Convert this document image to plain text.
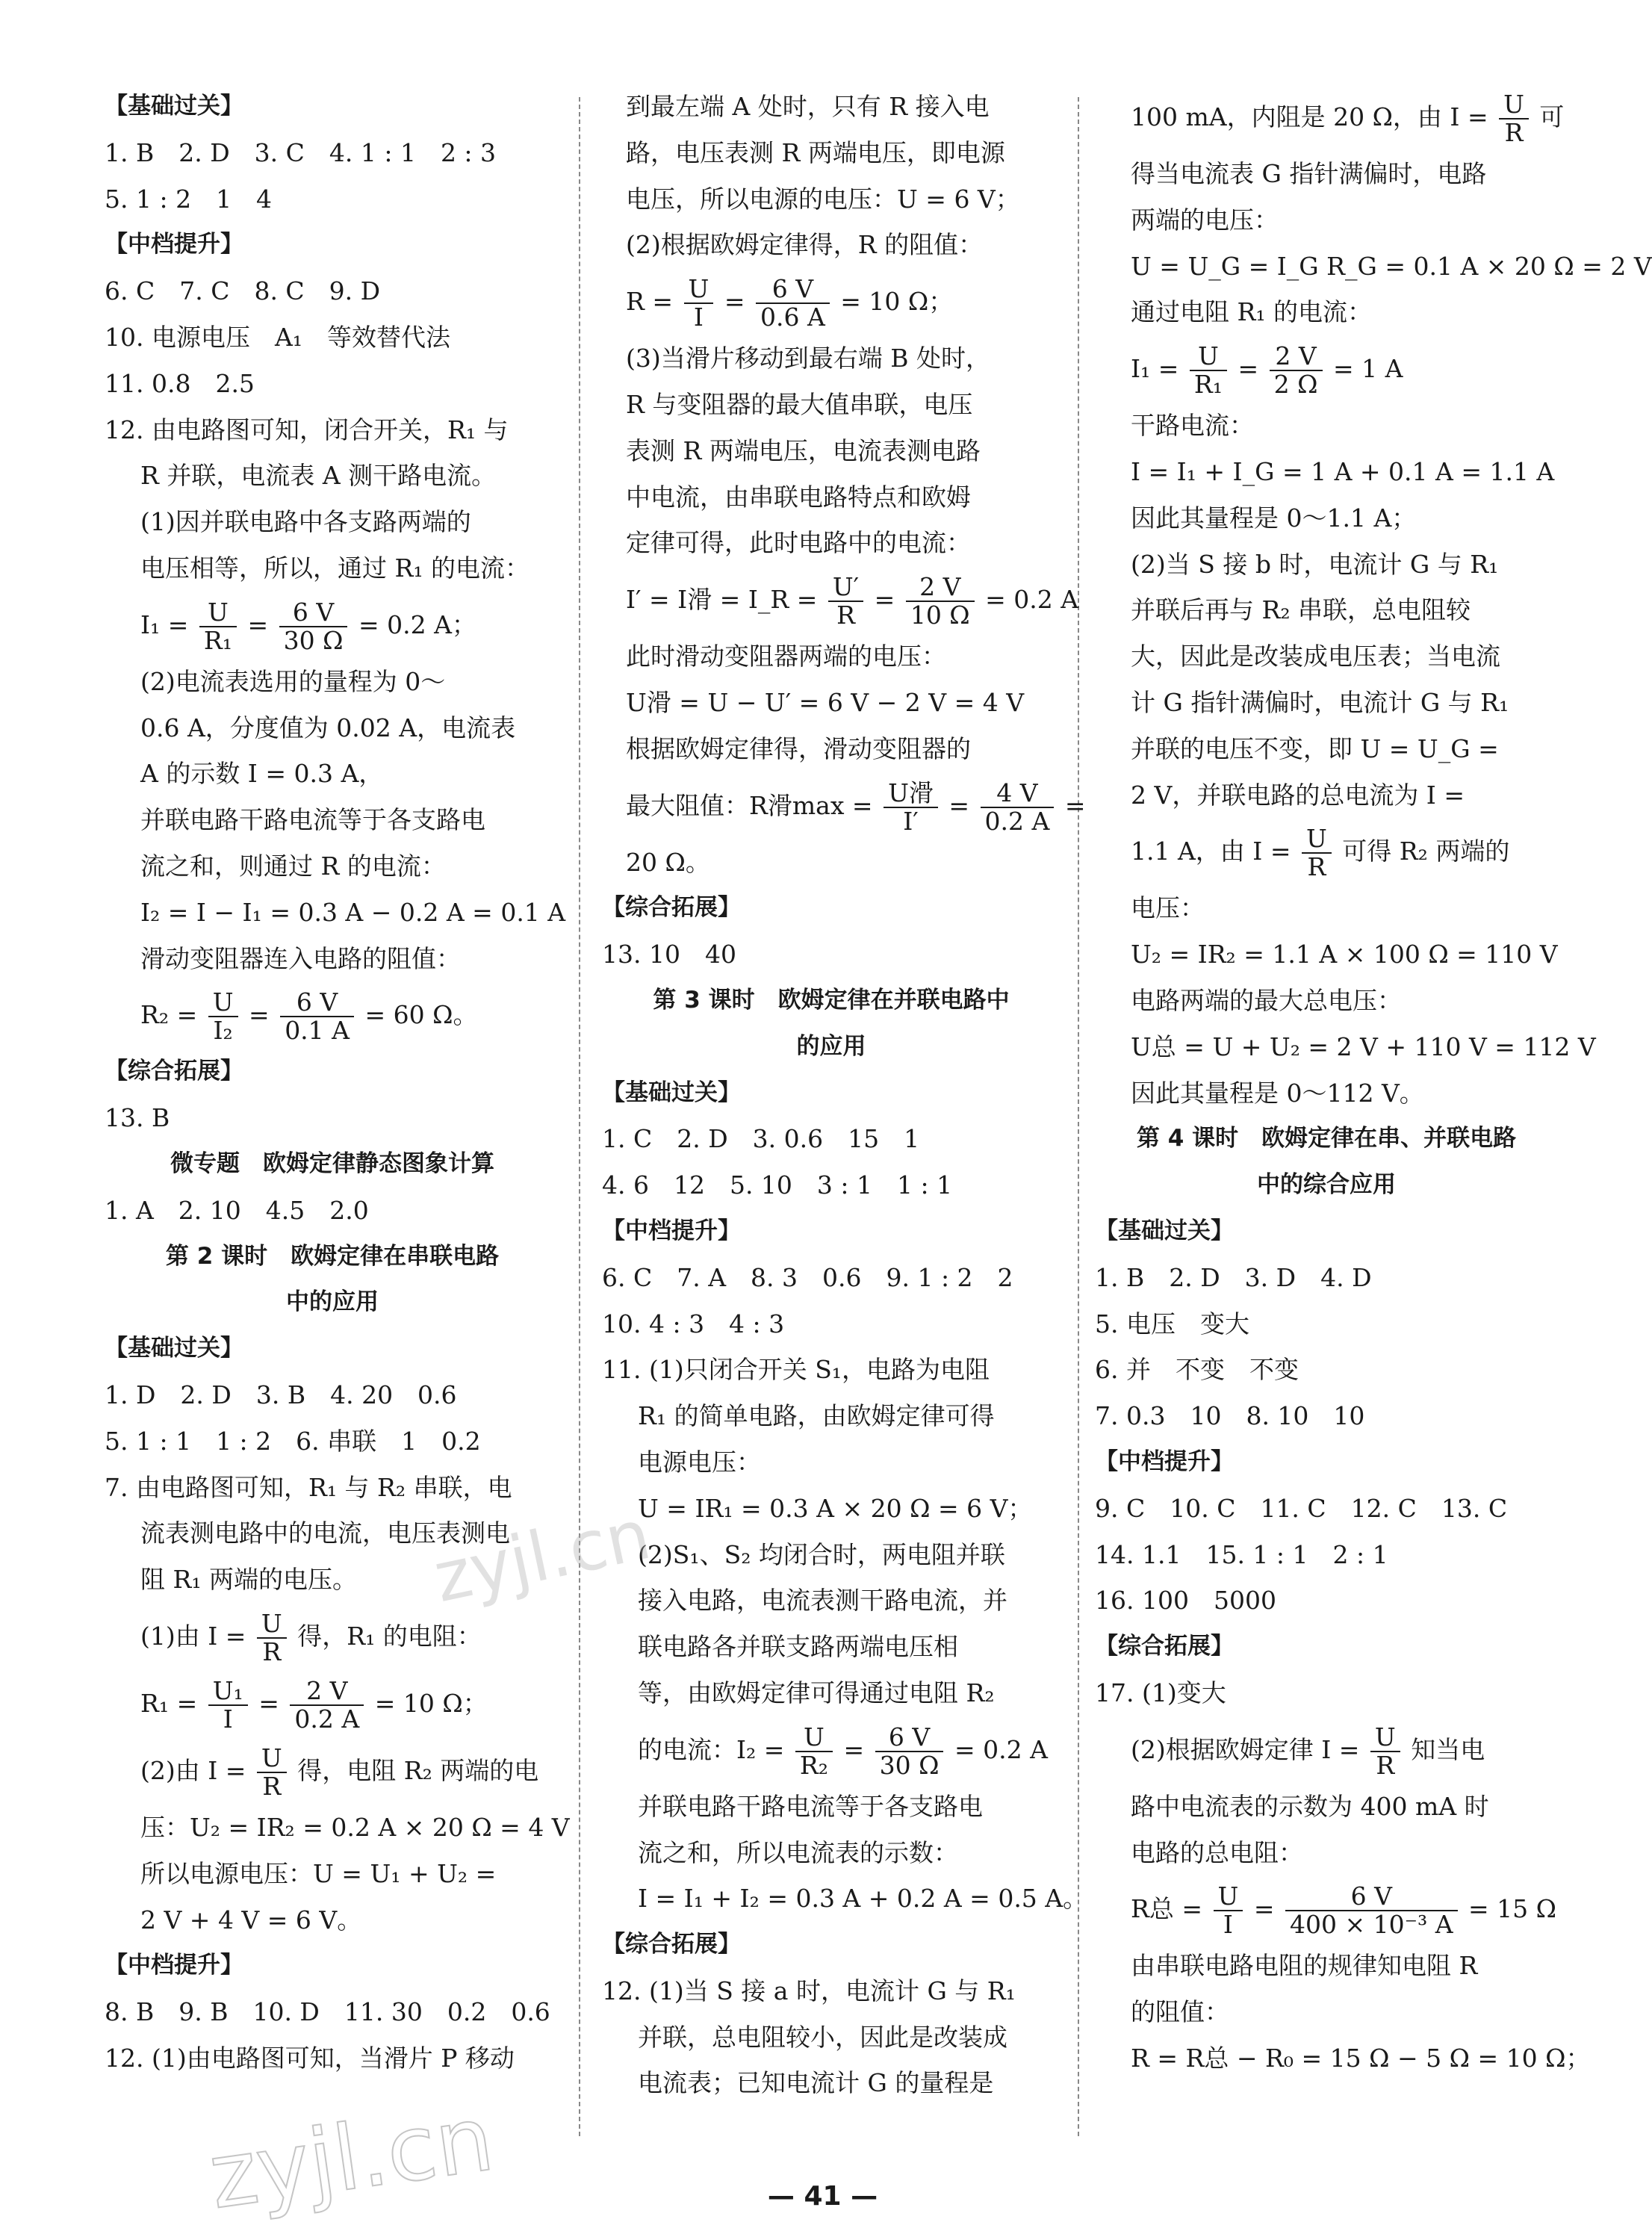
【基础过关】
1. B　2. D　3. C　4. 1 : 1　2 : 3
5. 1 : 2　1　4
【中档提升】
6. C　7. C　8. C　9. D
10. 电源电压　A₁　等效替代法
11. 0.8　2.5
12. 由电路图可知，闭合开关，R₁ 与
R 并联，电流表 A 测干路电流。
(1)因并联电路中各支路两端的
电压相等，所以，通过 R₁ 的电流：
$I_1 = \frac{U}{\text{R₁}} = \frac{6 V}{30 \Omega} = 0.2$ A；
(2)电流表选用的量程为 0～
0.6 A，分度值为 0.02 A，电流表
A 的示数 I = 0.3 A，
并联电路干路电流等于各支路电
流之和，则通过 R 的电流：
I₂ = I − I₁ = 0.3 A − 0.2 A = 0.1 A
滑动变阻器连入电路的阻值：
$R_2 = \frac{U}{\text{I₂}} = \frac{6 V}{0.1 A} = 60$ Ω。
【综合拓展】
13. B
微专题　欧姆定律静态图象计算
1. A　2. 10　4.5　2.0
第 2 课时　欧姆定律在串联电路
中的应用
【基础过关】
1. D　2. D　3. B　4. 20　0.6
5. 1 : 1　1 : 2　6. 串联　1　0.2
7. 由电路图可知，R₁ 与 R₂ 串联，电
流表测电路中的电流，电压表测电
阻 R₁ 两端的电压。
(1)由 $I = \frac{U}{R}$ 得，R₁ 的电阻：
$R_1 = \frac{\text{U₁}}{I} = \frac{2 V}{0.2 A} = 10$ Ω；
(2)由 $I = \frac{U}{R}$ 得，电阻 R₂ 两端的电
压：U₂ = IR₂ = 0.2 A × 20 Ω = 4 V
所以电源电压：U = U₁ + U₂ =
2 V + 4 V = 6 V。
【中档提升】
8. B　9. B　10. D　11. 30　0.2　0.6
12. (1)由电路图可知，当滑片 P 移动
到最左端 A 处时，只有 R 接入电
路，电压表测 R 两端电压，即电源
电压，所以电源的电压：U = 6 V；
(2)根据欧姆定律得，R 的阻值：
$R = \frac{U}{I} = \frac{6 V}{0.6 A} = 10$ Ω；
(3)当滑片移动到最右端 B 处时，
R 与变阻器的最大值串联，电压
表测 R 两端电压，电流表测电路
中电流，由串联电路特点和欧姆
定律可得，此时电路中的电流：
I′ = I滑 = I_R = $\frac{U'}{R} = \frac{2 V}{10 \Omega} = 0.2$ A
此时滑动变阻器两端的电压：
U滑 = U − U′ = 6 V − 2 V = 4 V
根据欧姆定律得，滑动变阻器的
最大阻值：R滑$\max = \frac{\text{U滑}}{I'} = \frac{4 V}{0.2 A}$ =
20 Ω。
【综合拓展】
13. 10　40
第 3 课时　欧姆定律在并联电路中
的应用
【基础过关】
1. C　2. D　3. 0.6　15　1
4. 6　12　5. 10　3 : 1　1 : 1
【中档提升】
6. C　7. A　8. 3　0.6　9. 1 : 2　2
10. 4 : 3　4 : 3
11. (1)只闭合开关 S₁，电路为电阻
R₁ 的简单电路，由欧姆定律可得
电源电压：
U = IR₁ = 0.3 A × 20 Ω = 6 V；
(2)S₁、S₂ 均闭合时，两电阻并联
接入电路，电流表测干路电流，并
联电路各并联支路两端电压相
等，由欧姆定律可得通过电阻 R₂
的电流：$I_2 = \frac{U}{\text{R₂}} = \frac{6 V}{30 \Omega} = 0.2$ A
并联电路干路电流等于各支路电
流之和，所以电流表的示数：
I = I₁ + I₂ = 0.3 A + 0.2 A = 0.5 A。
【综合拓展】
12. (1)当 S 接 a 时，电流计 G 与 R₁
并联，总电阻较小，因此是改装成
电流表；已知电流计 G 的量程是
100 mA，内阻是 20 Ω，由 $I = \frac{U}{R}$ 可
得当电流表 G 指针满偏时，电路
两端的电压：
U = U_G = I_G R_G = 0.1 A × 20 Ω = 2 V
通过电阻 R₁ 的电流：
$I_1 = \frac{U}{\text{R₁}} = \frac{2 V}{2 \Omega} = 1$ A
干路电流：
I = I₁ + I_G = 1 A + 0.1 A = 1.1 A
因此其量程是 0～1.1 A；
(2)当 S 接 b 时，电流计 G 与 R₁
并联后再与 R₂ 串联，总电阻较
大，因此是改装成电压表；当电流
计 G 指针满偏时，电流计 G 与 R₁
并联的电压不变，即 U = U_G =
2 V，并联电路的总电流为 I =
1.1 A，由 $I = \frac{U}{R}$ 可得 R₂ 两端的
电压：
U₂ = IR₂ = 1.1 A × 100 Ω = 110 V
电路两端的最大总电压：
U总 = U + U₂ = 2 V + 110 V = 112 V
因此其量程是 0～112 V。
第 4 课时　欧姆定律在串、并联电路
中的综合应用
【基础过关】
1. B　2. D　3. D　4. D
5. 电压　变大
6. 并　不变　不变
7. 0.3　10　8. 10　10
【中档提升】
9. C　10. C　11. C　12. C　13. C
14. 1.1　15. 1 : 1　2 : 1
16. 100　5000
【综合拓展】
17. (1)变大
(2)根据欧姆定律 $I = \frac{U}{R}$ 知当电
路中电流表的示数为 400 mA 时
电路的总电阻：
R总 = $\frac{U}{I} = \frac{6 V}{\text{400 × 10⁻³ A}} = 15$ Ω
由串联电路电阻的规律知电阻 R
的阻值：
R = R总 − R₀ = 15 Ω − 5 Ω = 10 Ω；
— 41 —
zyjl.cn
zyjl.cn
